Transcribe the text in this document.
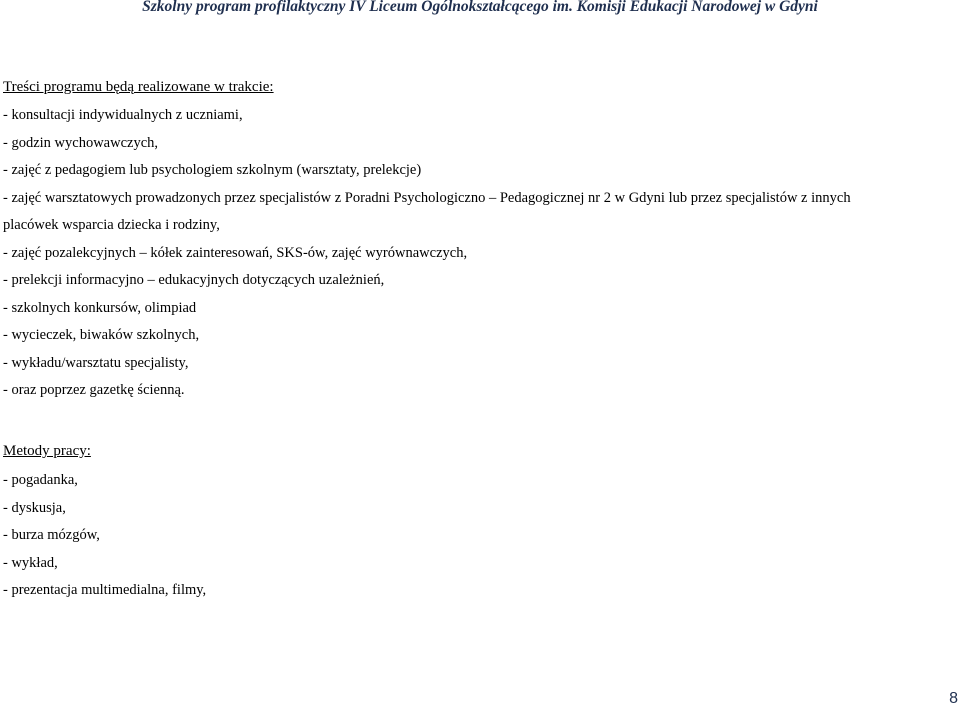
Szkolny program profilaktyczny IV Liceum Ogólnokształcącego im. Komisji Edukacji Narodowej w Gdyni
Treści programu będą realizowane w trakcie:
- konsultacji indywidualnych z uczniami,
- godzin wychowawczych,
- zajęć z pedagogiem lub psychologiem szkolnym (warsztaty, prelekcje)
- zajęć warsztatowych prowadzonych przez specjalistów z Poradni Psychologiczno – Pedagogicznej nr 2 w Gdyni lub przez specjalistów z innych placówek wsparcia dziecka i rodziny,
- zajęć pozalekcyjnych – kółek zainteresowań, SKS-ów, zajęć wyrównawczych,
- prelekcji informacyjno – edukacyjnych dotyczących uzależnień,
- szkolnych konkursów, olimpiad
- wycieczek, biwaków szkolnych,
- wykładu/warsztatu specjalisty,
- oraz poprzez gazetkę ścienną.
Metody pracy:
- pogadanka,
- dyskusja,
- burza mózgów,
- wykład,
- prezentacja multimedialna, filmy,
8
